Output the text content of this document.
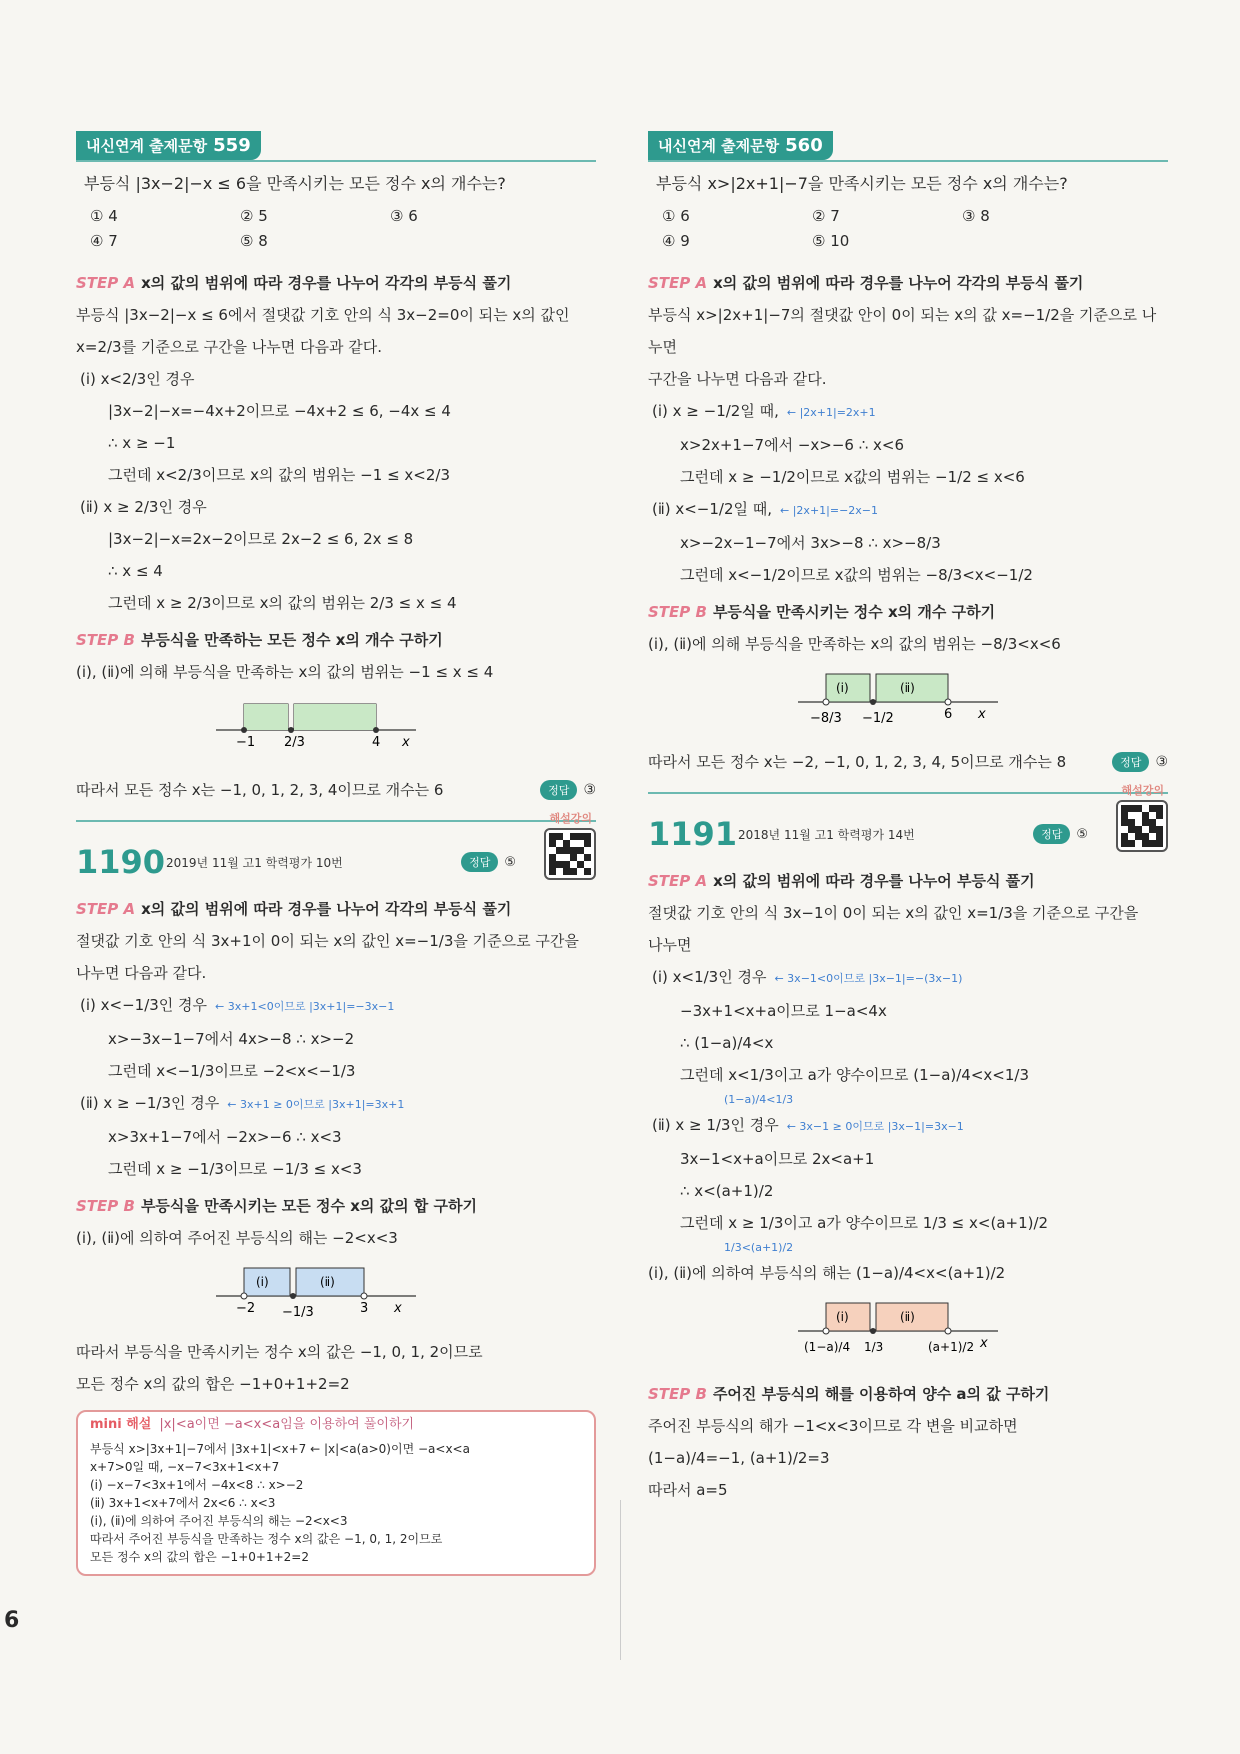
내신연계 출제문항 559
부등식 |3x−2|−x ≤ 6을 만족시키는 모든 정수 x의 개수는?
① 4	② 5	③ 6
④ 7	⑤ 8
STEP A x의 값의 범위에 따라 경우를 나누어 각각의 부등식 풀기
부등식 |3x−2|−x ≤ 6에서 절댓값 기호 안의 식 3x−2=0이 되는 x의 값인
x=2/3를 기준으로 구간을 나누면 다음과 같다.
(ⅰ) x<2/3인 경우
|3x−2|−x=−4x+2이므로 −4x+2 ≤ 6, −4x ≤ 4
∴ x ≥ −1
그런데 x<2/3이므로 x의 값의 범위는 −1 ≤ x<2/3
(ⅱ) x ≥ 2/3인 경우
|3x−2|−x=2x−2이므로 2x−2 ≤ 6, 2x ≤ 8
∴ x ≤ 4
그런데 x ≥ 2/3이므로 x의 값의 범위는 2/3 ≤ x ≤ 4
STEP B 부등식을 만족하는 모든 정수 x의 개수 구하기
(ⅰ), (ⅱ)에 의해 부등식을 만족하는 x의 값의 범위는 −1 ≤ x ≤ 4
−1 2/3	4 x
따라서 모든 정수 x는 −1, 0, 1, 2, 3, 4이므로 개수는 6	정답	③
1190 2019년 11월 고1 학력평가 10번	정답	⑤
해설강의
STEP A x의 값의 범위에 따라 경우를 나누어 각각의 부등식 풀기
절댓값 기호 안의 식 3x+1이 0이 되는 x의 값인 x=−1/3을 기준으로 구간을
나누면 다음과 같다.
(ⅰ) x<−1/3인 경우 ← 3x+1<0이므로 |3x+1|=−3x−1
x>−3x−1−7에서 4x>−8 ∴ x>−2
그런데 x<−1/3이므로 −2<x<−1/3
(ⅱ) x ≥ −1/3인 경우 ← 3x+1 ≥ 0이므로 |3x+1|=3x+1
x>3x+1−7에서 −2x>−6 ∴ x<3
그런데 x ≥ −1/3이므로 −1/3 ≤ x<3
STEP B 부등식을 만족시키는 모든 정수 x의 값의 합 구하기
(ⅰ), (ⅱ)에 의하여 주어진 부등식의 해는 −2<x<3
(ⅰ)	(ⅱ)
−2 −1/3	3 x
따라서 부등식을 만족시키는 정수 x의 값은 −1, 0, 1, 2이므로
모든 정수 x의 값의 합은 −1+0+1+2=2
mini 해설 |x|<a이면 −a<x<a임을 이용하여 풀이하기
부등식 x>|3x+1|−7에서 |3x+1|<x+7 ← |x|<a(a>0)이면 −a<x<a
x+7>0일 때, −x−7<3x+1<x+7
(ⅰ) −x−7<3x+1에서 −4x<8 ∴ x>−2
(ⅱ) 3x+1<x+7에서 2x<6 ∴ x<3
(ⅰ), (ⅱ)에 의하여 주어진 부등식의 해는 −2<x<3
따라서 주어진 부등식을 만족하는 정수 x의 값은 −1, 0, 1, 2이므로
모든 정수 x의 값의 합은 −1+0+1+2=2
내신연계 출제문항 560
부등식 x>|2x+1|−7을 만족시키는 모든 정수 x의 개수는?
① 6	② 7	③ 8
④ 9	⑤ 10
STEP A x의 값의 범위에 따라 경우를 나누어 각각의 부등식 풀기
부등식 x>|2x+1|−7의 절댓값 안이 0이 되는 x의 값 x=−1/2을 기준으로 나누면
구간을 나누면 다음과 같다.
(ⅰ) x ≥ −1/2일 때, ← |2x+1|=2x+1
x>2x+1−7에서 −x>−6 ∴ x<6
그런데 x ≥ −1/2이므로 x값의 범위는 −1/2 ≤ x<6
(ⅱ) x<−1/2일 때, ← |2x+1|=−2x−1
x>−2x−1−7에서 3x>−8 ∴ x>−8/3
그런데 x<−1/2이므로 x값의 범위는 −8/3<x<−1/2
STEP B 부등식을 만족시키는 정수 x의 개수 구하기
(ⅰ), (ⅱ)에 의해 부등식을 만족하는 x의 값의 범위는 −8/3<x<6
(ⅰ)	(ⅱ)
−8/3 −1/2	6 x
따라서 모든 정수 x는 −2, −1, 0, 1, 2, 3, 4, 5이므로 개수는 8	정답	③
1191 2018년 11월 고1 학력평가 14번	정답	⑤
해설강의
STEP A x의 값의 범위에 따라 경우를 나누어 부등식 풀기
절댓값 기호 안의 식 3x−1이 0이 되는 x의 값인 x=1/3을 기준으로 구간을
나누면
(ⅰ) x<1/3인 경우 ← 3x−1<0이므로 |3x−1|=−(3x−1)
−3x+1<x+a이므로 1−a<4x
∴ (1−a)/4<x
그런데 x<1/3이고 a가 양수이므로 (1−a)/4<x<1/3
(1−a)/4<1/3
(ⅱ) x ≥ 1/3인 경우 ← 3x−1 ≥ 0이므로 |3x−1|=3x−1
3x−1<x+a이므로 2x<a+1
∴ x<(a+1)/2
그런데 x ≥ 1/3이고 a가 양수이므로 1/3 ≤ x<(a+1)/2
1/3<(a+1)/2
(ⅰ), (ⅱ)에 의하여 부등식의 해는 (1−a)/4<x<(a+1)/2
(ⅰ)	(ⅱ)
(1−a)/4 1/3	(a+1)/2 x
STEP B 주어진 부등식의 해를 이용하여 양수 a의 값 구하기
주어진 부등식의 해가 −1<x<3이므로 각 변을 비교하면
(1−a)/4=−1, (a+1)/2=3
따라서 a=5
6
